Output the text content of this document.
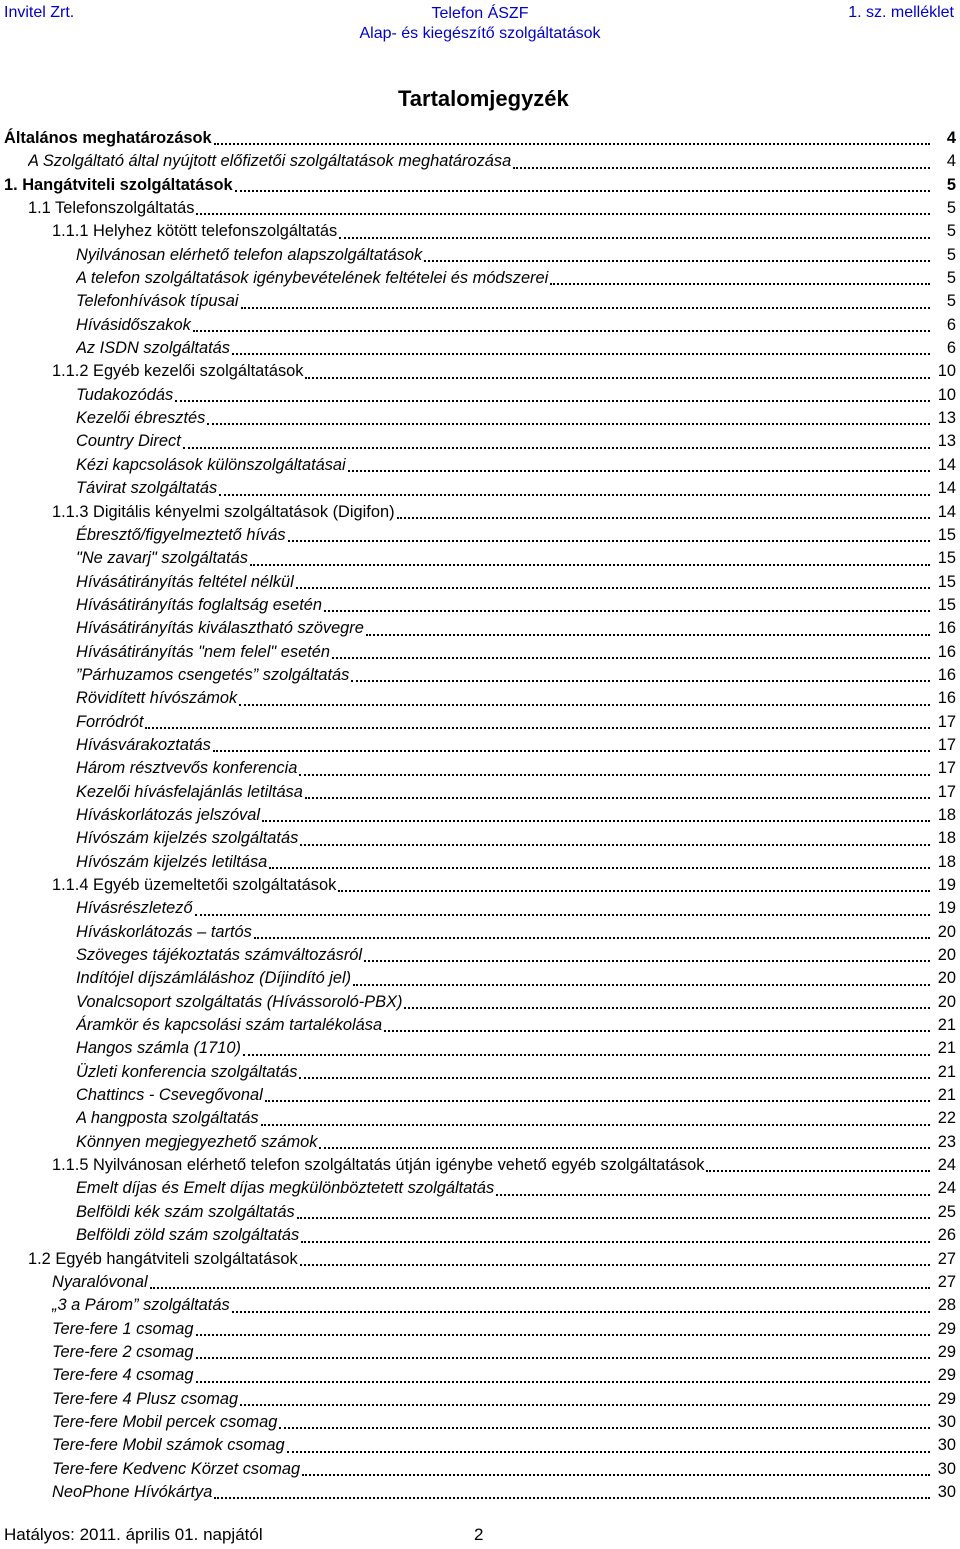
Invitel Zrt.	Telefon ÁSZF
Alap- és kiegészítő szolgáltatások
1. sz. melléklet
Tartalomjegyzék
Általános meghatározások	4
A Szolgáltató által nyújtott előfizetői szolgáltatások meghatározása	4
1. Hangátviteli szolgáltatások	5
1.1 Telefonszolgáltatás	5
1.1.1 Helyhez kötött telefonszolgáltatás	5
Nyilvánosan elérhető telefon alapszolgáltatások	5
A telefon szolgáltatások igénybevételének feltételei és módszerei	5
Telefonhívások típusai	5
Hívásidőszakok	6
Az ISDN szolgáltatás	6
1.1.2 Egyéb kezelői szolgáltatások	10
Tudakozódás	10
Kezelői ébresztés	13
Country Direct	13
Kézi kapcsolások különszolgáltatásai	14
Távirat szolgáltatás	14
1.1.3 Digitális kényelmi szolgáltatások (Digifon)	14
Ébresztő/figyelmeztető hívás	15
"Ne zavarj" szolgáltatás	15
Hívásátirányítás feltétel nélkül	15
Hívásátirányítás foglaltság esetén	15
Hívásátirányítás kiválasztható szövegre	16
Hívásátirányítás "nem felel" esetén	16
”Párhuzamos csengetés” szolgáltatás	16
Rövidített hívószámok	16
Forródrót	17
Hívásvárakoztatás	17
Három résztvevős konferencia	17
Kezelői hívásfelajánlás letiltása	17
Híváskorlátozás jelszóval	18
Hívószám kijelzés szolgáltatás	18
Hívószám kijelzés letiltása	18
1.1.4 Egyéb üzemeltetői szolgáltatások	19
Hívásrészletező	19
Híváskorlátozás – tartós	20
Szöveges tájékoztatás számváltozásról	20
Indítójel díjszámláláshoz (Díjindító jel)	20
Vonalcsoport szolgáltatás (Hívássoroló-PBX)	20
Áramkör és kapcsolási szám tartalékolása	21
Hangos számla (1710)	21
Üzleti konferencia szolgáltatás	21
Chattincs - Csevegővonal	21
A hangposta szolgáltatás	22
Könnyen megjegyezhető számok	23
1.1.5 Nyilvánosan elérhető telefon szolgáltatás útján igénybe vehető egyéb szolgáltatások	24
Emelt díjas és Emelt díjas megkülönböztetett szolgáltatás	24
Belföldi kék szám szolgáltatás	25
Belföldi zöld szám szolgáltatás	26
1.2 Egyéb hangátviteli szolgáltatások	27
Nyaralóvonal	27
„3 a Párom” szolgáltatás	28
Tere-fere 1 csomag	29
Tere-fere 2 csomag	29
Tere-fere 4 csomag	29
Tere-fere 4 Plusz csomag	29
Tere-fere Mobil percek csomag	30
Tere-fere Mobil számok csomag	30
Tere-fere Kedvenc Körzet csomag	30
NeoPhone Hívókártya	30
Hatályos: 2011. április 01. napjától	2
